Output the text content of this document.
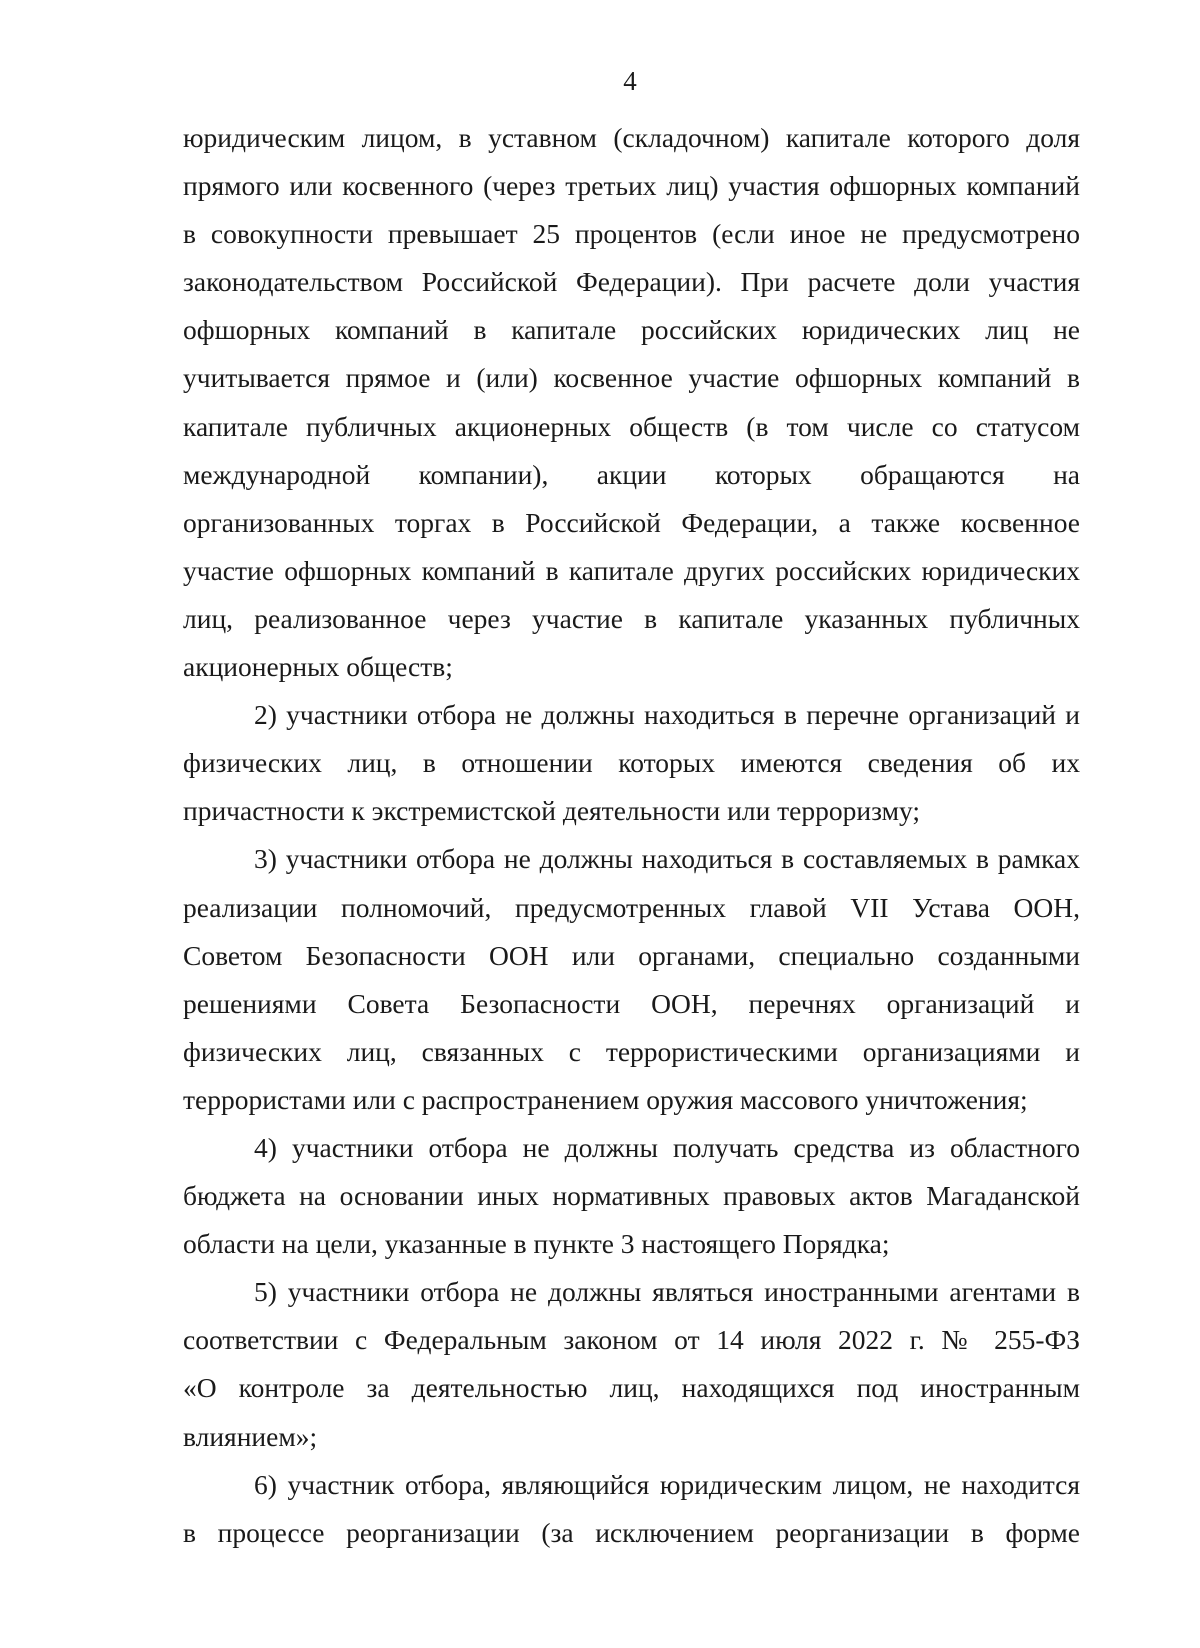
4
юридическим лицом, в уставном (складочном) капитале которого доля
прямого или косвенного (через третьих лиц) участия офшорных компаний
в совокупности превышает 25 процентов (если иное не предусмотрено
законодательством Российской Федерации). При расчете доли участия
офшорных компаний в капитале российских юридических лиц не
учитывается прямое и (или) косвенное участие офшорных компаний в
капитале публичных акционерных обществ (в том числе со статусом
международной компании), акции которых обращаются на
организованных торгах в Российской Федерации, а также косвенное
участие офшорных компаний в капитале других российских юридических
лиц, реализованное через участие в капитале указанных публичных
акционерных обществ;
2) участники отбора не должны находиться в перечне организаций и
физических лиц, в отношении которых имеются сведения об их
причастности к экстремистской деятельности или терроризму;
3) участники отбора не должны находиться в составляемых в рамках
реализации полномочий, предусмотренных главой VII Устава ООН,
Советом Безопасности ООН или органами, специально созданными
решениями Совета Безопасности ООН, перечнях организаций и
физических лиц, связанных с террористическими организациями и
террористами или с распространением оружия массового уничтожения;
4) участники отбора не должны получать средства из областного
бюджета на основании иных нормативных правовых актов Магаданской
области на цели, указанные в пункте 3 настоящего Порядка;
5) участники отбора не должны являться иностранными агентами в
соответствии с Федеральным законом от 14 июля 2022 г. № 255-ФЗ
«О контроле за деятельностью лиц, находящихся под иностранным
влиянием»;
6) участник отбора, являющийся юридическим лицом, не находится
в процессе реорганизации (за исключением реорганизации в форме
